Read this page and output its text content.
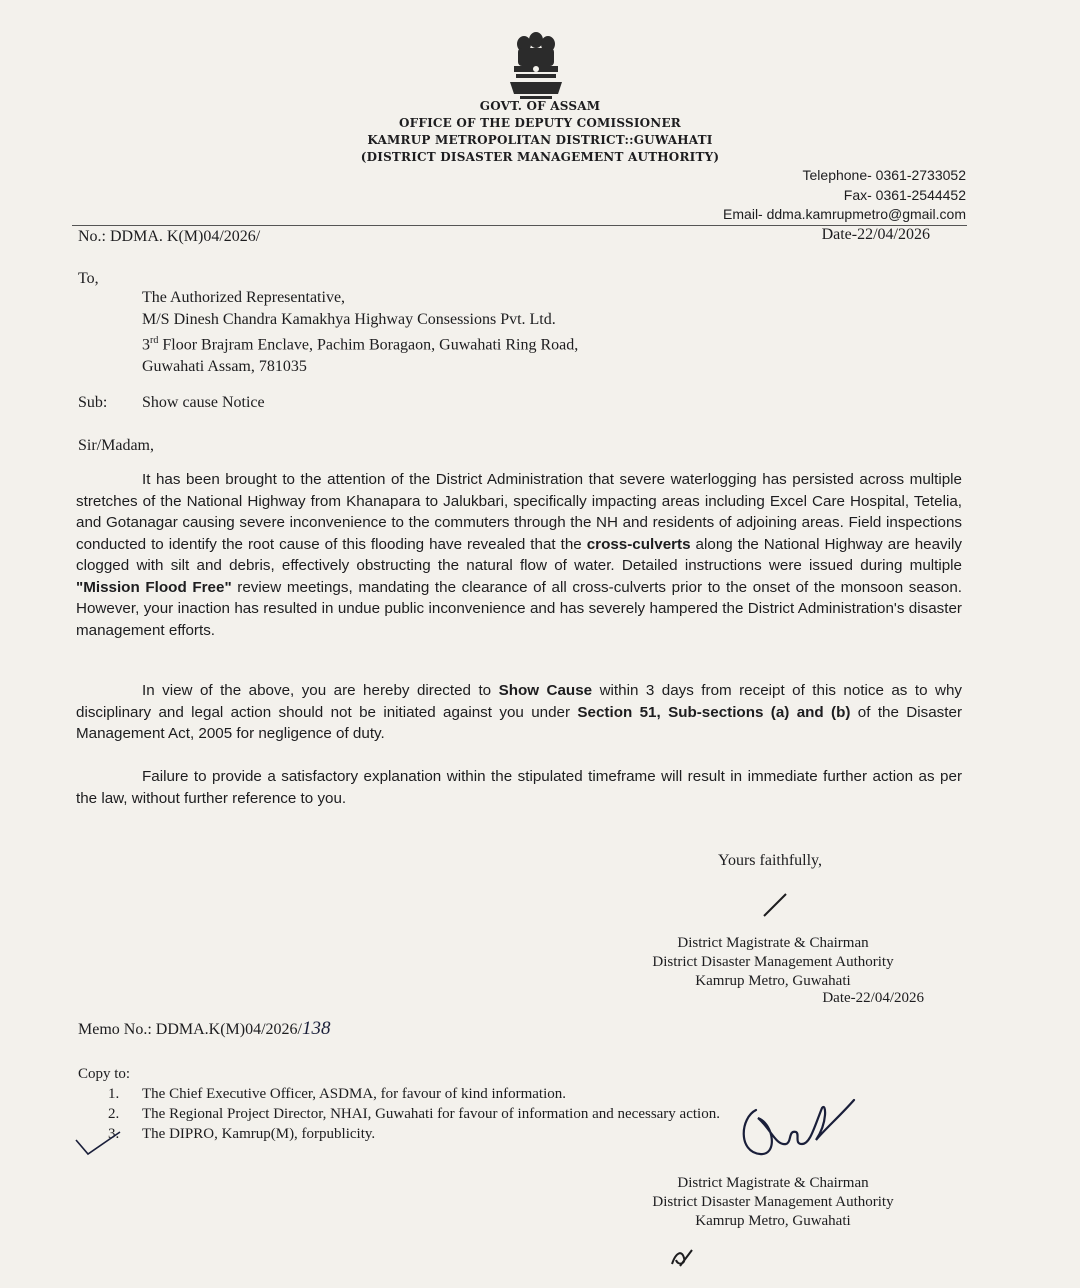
GOVT. OF ASSAM
OFFICE OF THE DEPUTY COMISSIONER
KAMRUP METROPOLITAN DISTRICT::GUWAHATI
(DISTRICT DISASTER MANAGEMENT AUTHORITY)
Telephone- 0361-2733052
Fax- 0361-2544452
Email- ddma.kamrupmetro@gmail.com
No.: DDMA. K(M)04/2026/	Date-22/04/2026
To,
The Authorized Representative,
M/S Dinesh Chandra Kamakhya Highway Consessions Pvt. Ltd.
3rd Floor Brajram Enclave, Pachim Boragaon, Guwahati Ring Road,
Guwahati Assam, 781035
Sub: Show cause Notice
Sir/Madam,
It has been brought to the attention of the District Administration that severe waterlogging has persisted across multiple stretches of the National Highway from Khanapara to Jalukbari, specifically impacting areas including Excel Care Hospital, Tetelia, and Gotanagar causing severe inconvenience to the commuters through the NH and residents of adjoining areas. Field inspections conducted to identify the root cause of this flooding have revealed that the cross-culverts along the National Highway are heavily clogged with silt and debris, effectively obstructing the natural flow of water. Detailed instructions were issued during multiple "Mission Flood Free" review meetings, mandating the clearance of all cross-culverts prior to the onset of the monsoon season. However, your inaction has resulted in undue public inconvenience and has severely hampered the District Administration's disaster management efforts.
In view of the above, you are hereby directed to Show Cause within 3 days from receipt of this notice as to why disciplinary and legal action should not be initiated against you under Section 51, Sub-sections (a) and (b) of the Disaster Management Act, 2005 for negligence of duty.
Failure to provide a satisfactory explanation within the stipulated timeframe will result in immediate further action as per the law, without further reference to you.
Yours faithfully,
District Magistrate & Chairman
District Disaster Management Authority
Kamrup Metro, Guwahati
Date-22/04/2026
Memo No.: DDMA.K(M)04/2026/138
Copy to:
1. The Chief Executive Officer, ASDMA, for favour of kind information.
2. The Regional Project Director, NHAI, Guwahati for favour of information and necessary action.
3. The DIPRO, Kamrup(M), forpublicity.
District Magistrate & Chairman
District Disaster Management Authority
Kamrup Metro, Guwahati
